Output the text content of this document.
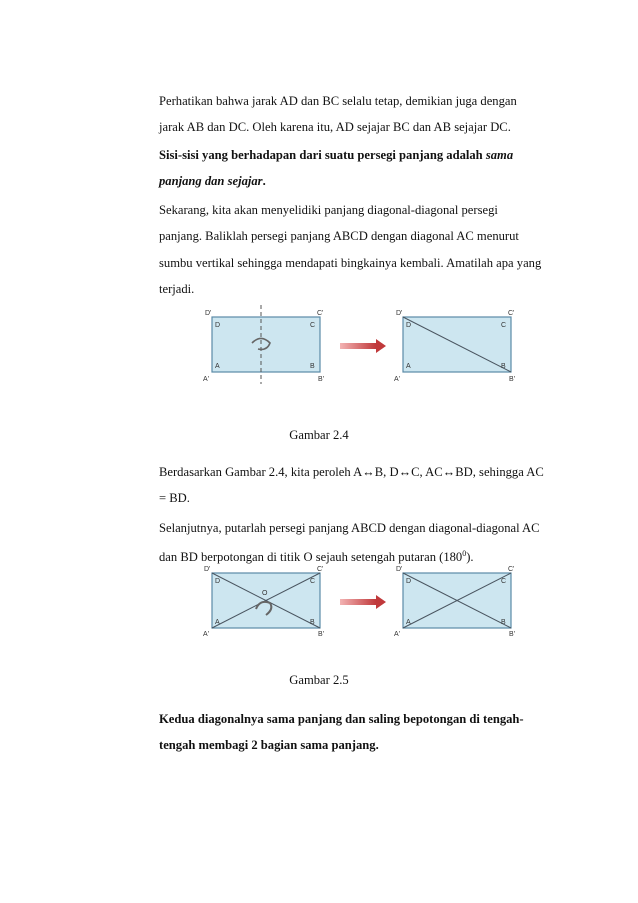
Perhatikan bahwa jarak AD dan BC selalu tetap, demikian juga dengan jarak AB dan DC. Oleh karena itu, AD sejajar BC dan AB sejajar DC.

Sisi-sisi yang berhadapan dari suatu persegi panjang adalah sama panjang dan sejajar.

Sekarang, kita akan menyelidiki panjang diagonal-diagonal persegi panjang. Baliklah persegi panjang ABCD dengan diagonal AC menurut sumbu vertikal sehingga mendapati bingkainya kembali. Amatilah apa yang terjadi.

D'
D
C'
C
A
A'
B
B'
D'
D
C'
C
A
A'
B
B'

Gambar 2.4

Berdasarkan Gambar 2.4, kita peroleh A↔B, D↔C, AC↔BD, sehingga AC = BD.

Selanjutnya, putarlah persegi panjang ABCD dengan diagonal-diagonal AC dan BD berpotongan di titik O sejauh setengah putaran $(180^0)$.

O
D'
D
C'
C
A
A'
B
B'
D'
D
C'
C
A
A'
B
B'

Gambar 2.5

Kedua diagonalnya sama panjang dan saling bepotongan di tengah-tengah membagi 2 bagian sama panjang.
